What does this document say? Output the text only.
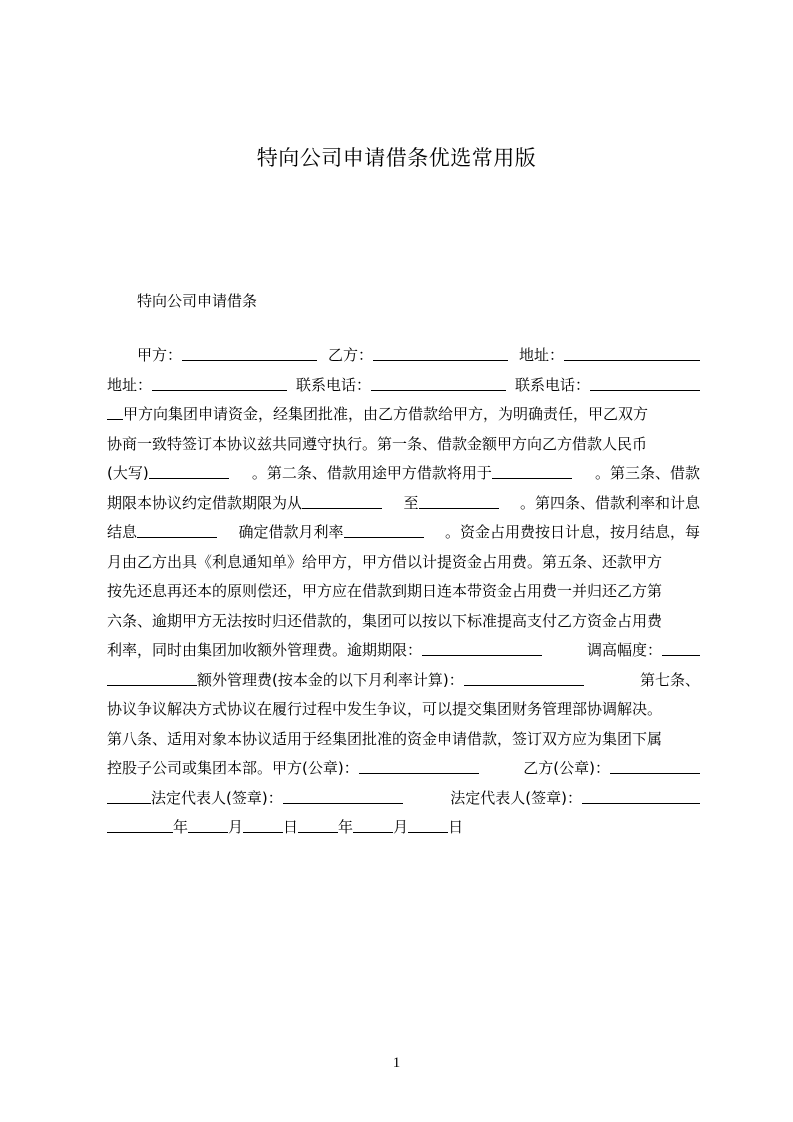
特向公司申请借条优选常用版
特向公司申请借条
甲方：	乙方：	地址：
地址：	联系电话：	联系电话：
甲方向集团申请资金，经集团批准，由乙方借款给甲方，为明确责任，甲乙双方
协商一致特签订本协议兹共同遵守执行。第一条、借款金额甲方向乙方借款人民币
(大写)	。第二条、借款用途甲方借款将用于	。第三条、借款
期限本协议约定借款期限为从	至	。第四条、借款利率和计息
结息	确定借款月利率	。资金占用费按日计息，按月结息，每
月由乙方出具《利息通知单》给甲方，甲方借以计提资金占用费。第五条、还款甲方
按先还息再还本的原则偿还，甲方应在借款到期日连本带资金占用费一并归还乙方第
六条、逾期甲方无法按时归还借款的，集团可以按以下标准提高支付乙方资金占用费
利率，同时由集团加收额外管理费。逾期期限：	调高幅度：
额外管理费(按本金的以下月利率计算)：	第七条、
协议争议解决方式协议在履行过程中发生争议，可以提交集团财务管理部协调解决。
第八条、适用对象本协议适用于经集团批准的资金申请借款，签订双方应为集团下属
控股子公司或集团本部。甲方(公章)：	乙方(公章)：
法定代表人(签章)：	法定代表人(签章)：
年	月	日	年	月	日
1
